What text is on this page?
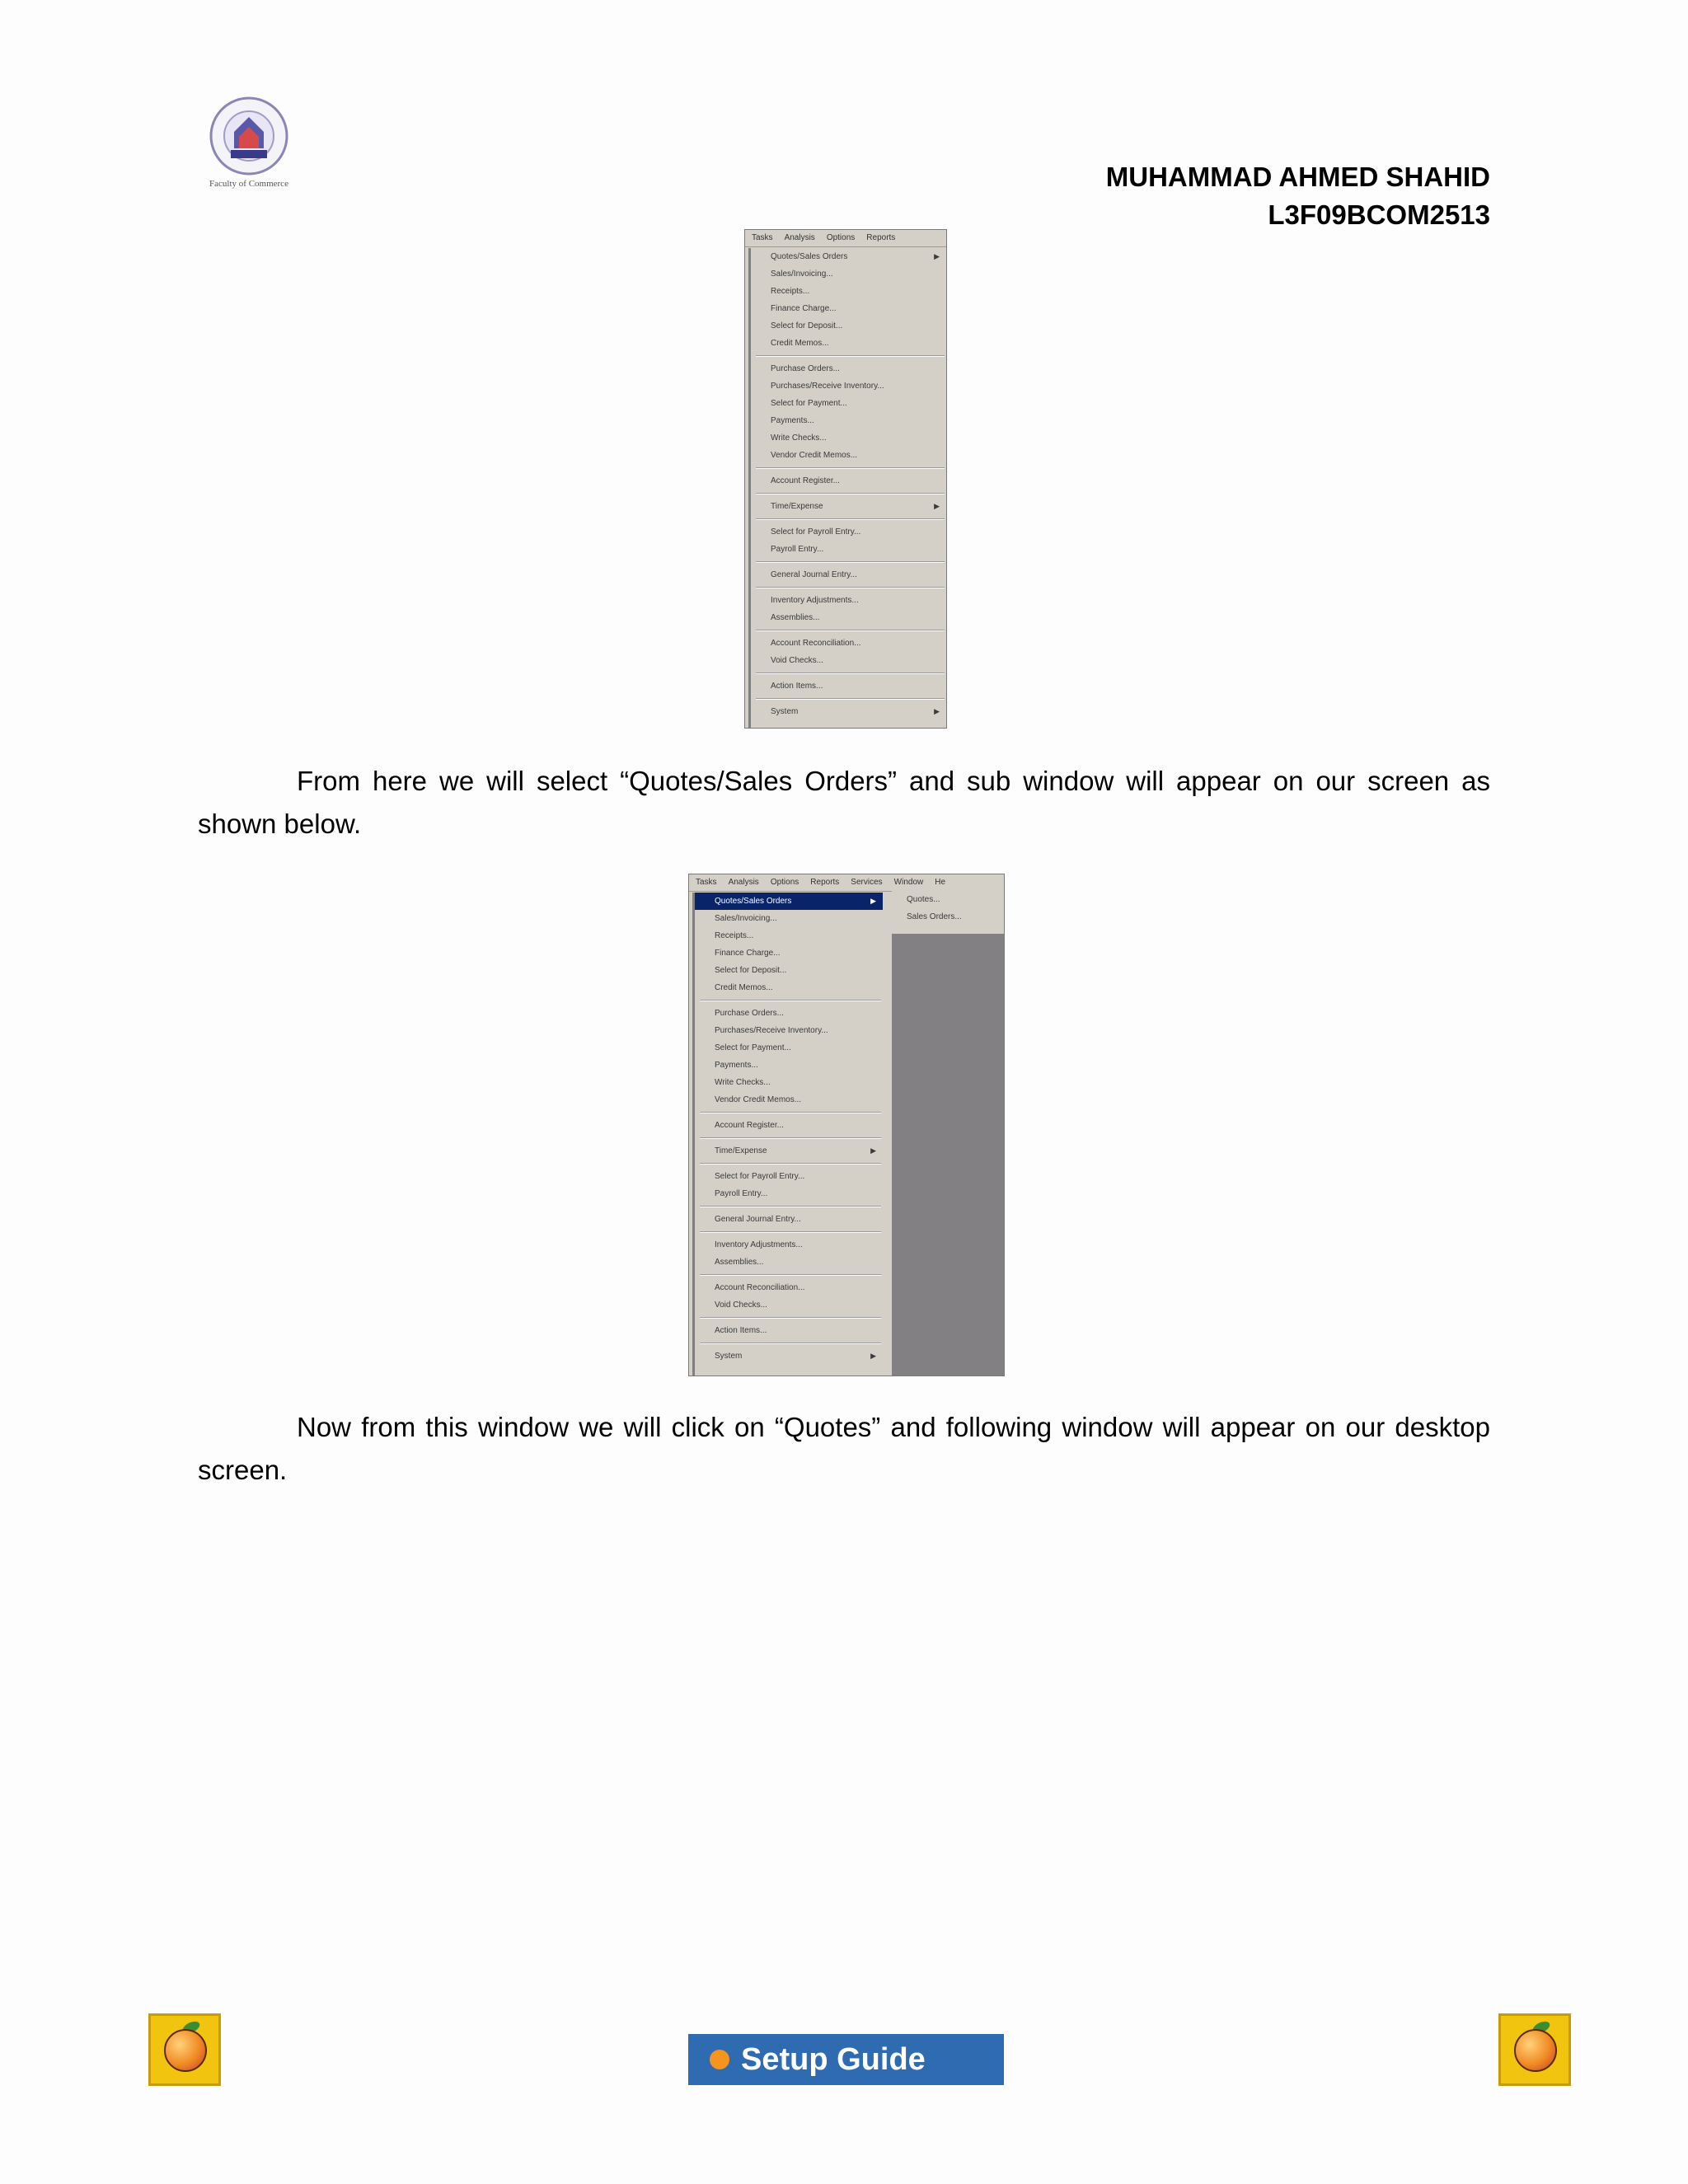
Faculty of Commerce	MUHAMMAD AHMED SHAHID
L3F09BCOM2513
Tasks Analysis Options Reports
Quotes/Sales Orders	▶
Sales/Invoicing...
Receipts...
Finance Charge...
Select for Deposit...
Credit Memos...
Purchase Orders...
Purchases/Receive Inventory...
Select for Payment...
Payments...
Write Checks...
Vendor Credit Memos...
Account Register...
Time/Expense	▶
Select for Payroll Entry...
Payroll Entry...
General Journal Entry...
Inventory Adjustments...
Assemblies...
Account Reconciliation...
Void Checks...
Action Items...
System	▶
From here we will select “Quotes/Sales Orders” and sub window will appear on our screen as shown below.
Tasks Analysis Options Reports Services Window He
Quotes/Sales Orders	▶
Sales/Invoicing...
Receipts...
Finance Charge...
Select for Deposit...
Credit Memos...
Purchase Orders...
Purchases/Receive Inventory...
Select for Payment...
Payments...
Write Checks...
Vendor Credit Memos...
Account Register...
Time/Expense	▶
Select for Payroll Entry...
Payroll Entry...
General Journal Entry...
Inventory Adjustments...
Assemblies...
Account Reconciliation...
Void Checks...
Action Items...
System	▶
Quotes...
Sales Orders...
Now from this window we will click on “Quotes” and following window will appear on our desktop screen.
Setup Guide
